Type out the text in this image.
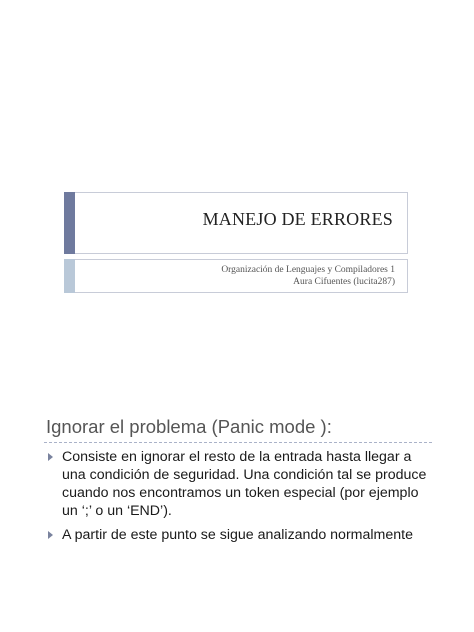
MANEJO DE ERRORES
Organización de Lenguajes y Compiladores 1
Aura Cifuentes (lucita287)
Ignorar el problema (Panic mode ):
Consiste en ignorar el resto de la entrada hasta llegar a una condición de seguridad. Una condición tal se produce cuando nos encontramos un token especial (por ejemplo un ‘;’ o un ‘END’).
A partir de este punto se sigue analizando normalmente
